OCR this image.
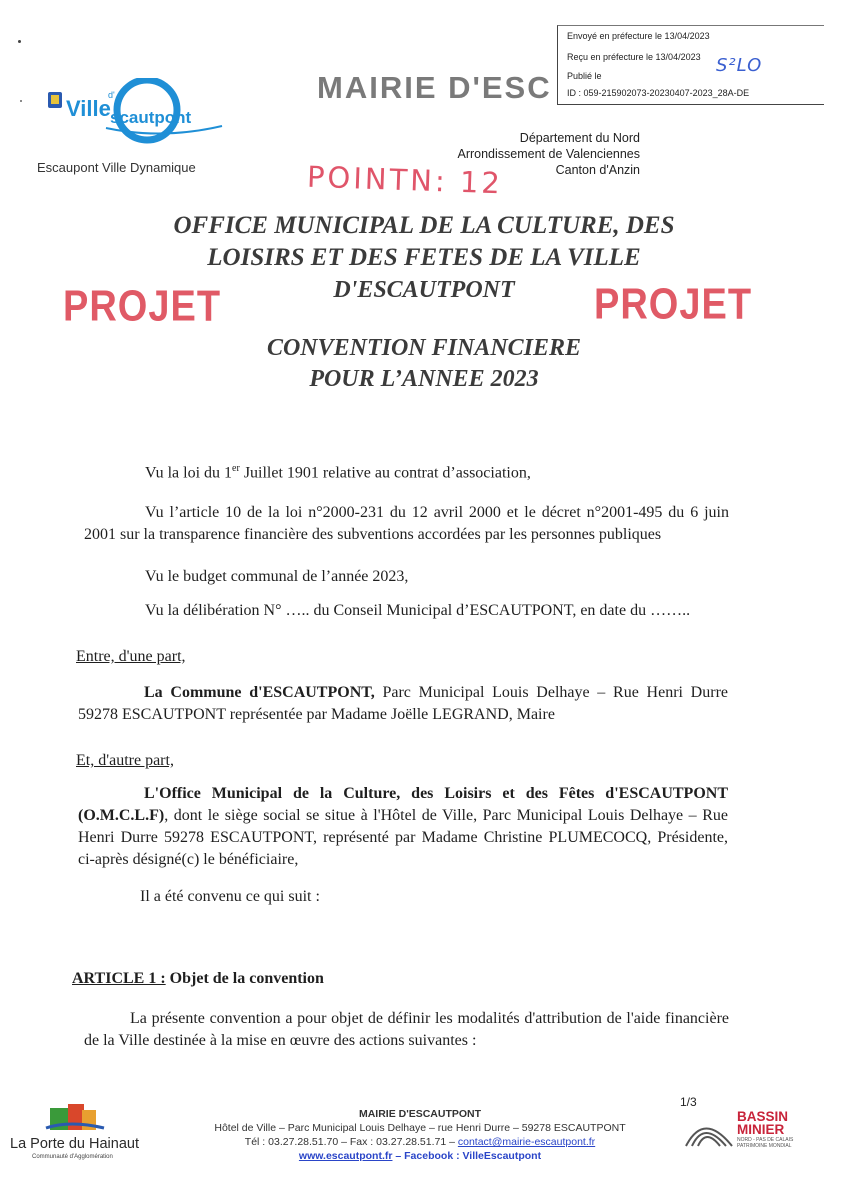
Ville scautpont
d'
Escaupont Ville Dynamique
MAIRIE D'ESC
Envoyé en préfecture le 13/04/2023
Reçu en préfecture le 13/04/2023
Publié le
ID : 059-215902073-20230407-2023_28A-DE
S²LO
Département du Nord
Arrondissement de Valenciennes
Canton d'Anzin
POINTN: 12
OFFICE MUNICIPAL DE LA CULTURE, DES
LOISIRS ET DES FETES DE LA VILLE
D'ESCAUTPONT
PROJET	PROJET
CONVENTION FINANCIERE
POUR L’ANNEE 2023
Vu la loi du 1er Juillet 1901 relative au contrat d’association,
Vu l’article 10 de la loi n°2000-231 du 12 avril 2000 et le décret n°2001-495 du 6 juin 2001 sur la transparence financière des subventions accordées par les personnes publiques
Vu le budget communal de l’année 2023,
Vu la délibération N° ….. du Conseil Municipal d’ESCAUTPONT, en date du ……..
Entre, d'une part,
La Commune d'ESCAUTPONT, Parc Municipal Louis Delhaye – Rue Henri Durre 59278 ESCAUTPONT représentée par Madame Joëlle LEGRAND, Maire
Et, d'autre part,
L'Office Municipal de la Culture, des Loisirs et des Fêtes d'ESCAUTPONT (O.M.C.L.F), dont le siège social se situe à l'Hôtel de Ville, Parc Municipal Louis Delhaye – Rue Henri Durre 59278 ESCAUTPONT, représenté par Madame Christine PLUMECOCQ, Présidente, ci-après désigné(c) le bénéficiaire,
Il a été convenu ce qui suit :
ARTICLE 1 : Objet de la convention
La présente convention a pour objet de définir les modalités d'attribution de l'aide financière de la Ville destinée à la mise en œuvre des actions suivantes :
La Porte du Hainaut
Communauté d'Agglomération
MAIRIE D'ESCAUTPONT
Hôtel de Ville – Parc Municipal Louis Delhaye – rue Henri Durre – 59278 ESCAUTPONT
Tél : 03.27.28.51.70 – Fax : 03.27.28.51.71 – contact@mairie-escautpont.fr
www.escautpont.fr – Facebook : VilleEscautpont
1/3
BASSIN
MINIER
NORD - PAS DE CALAIS PATRIMOINE MONDIAL
